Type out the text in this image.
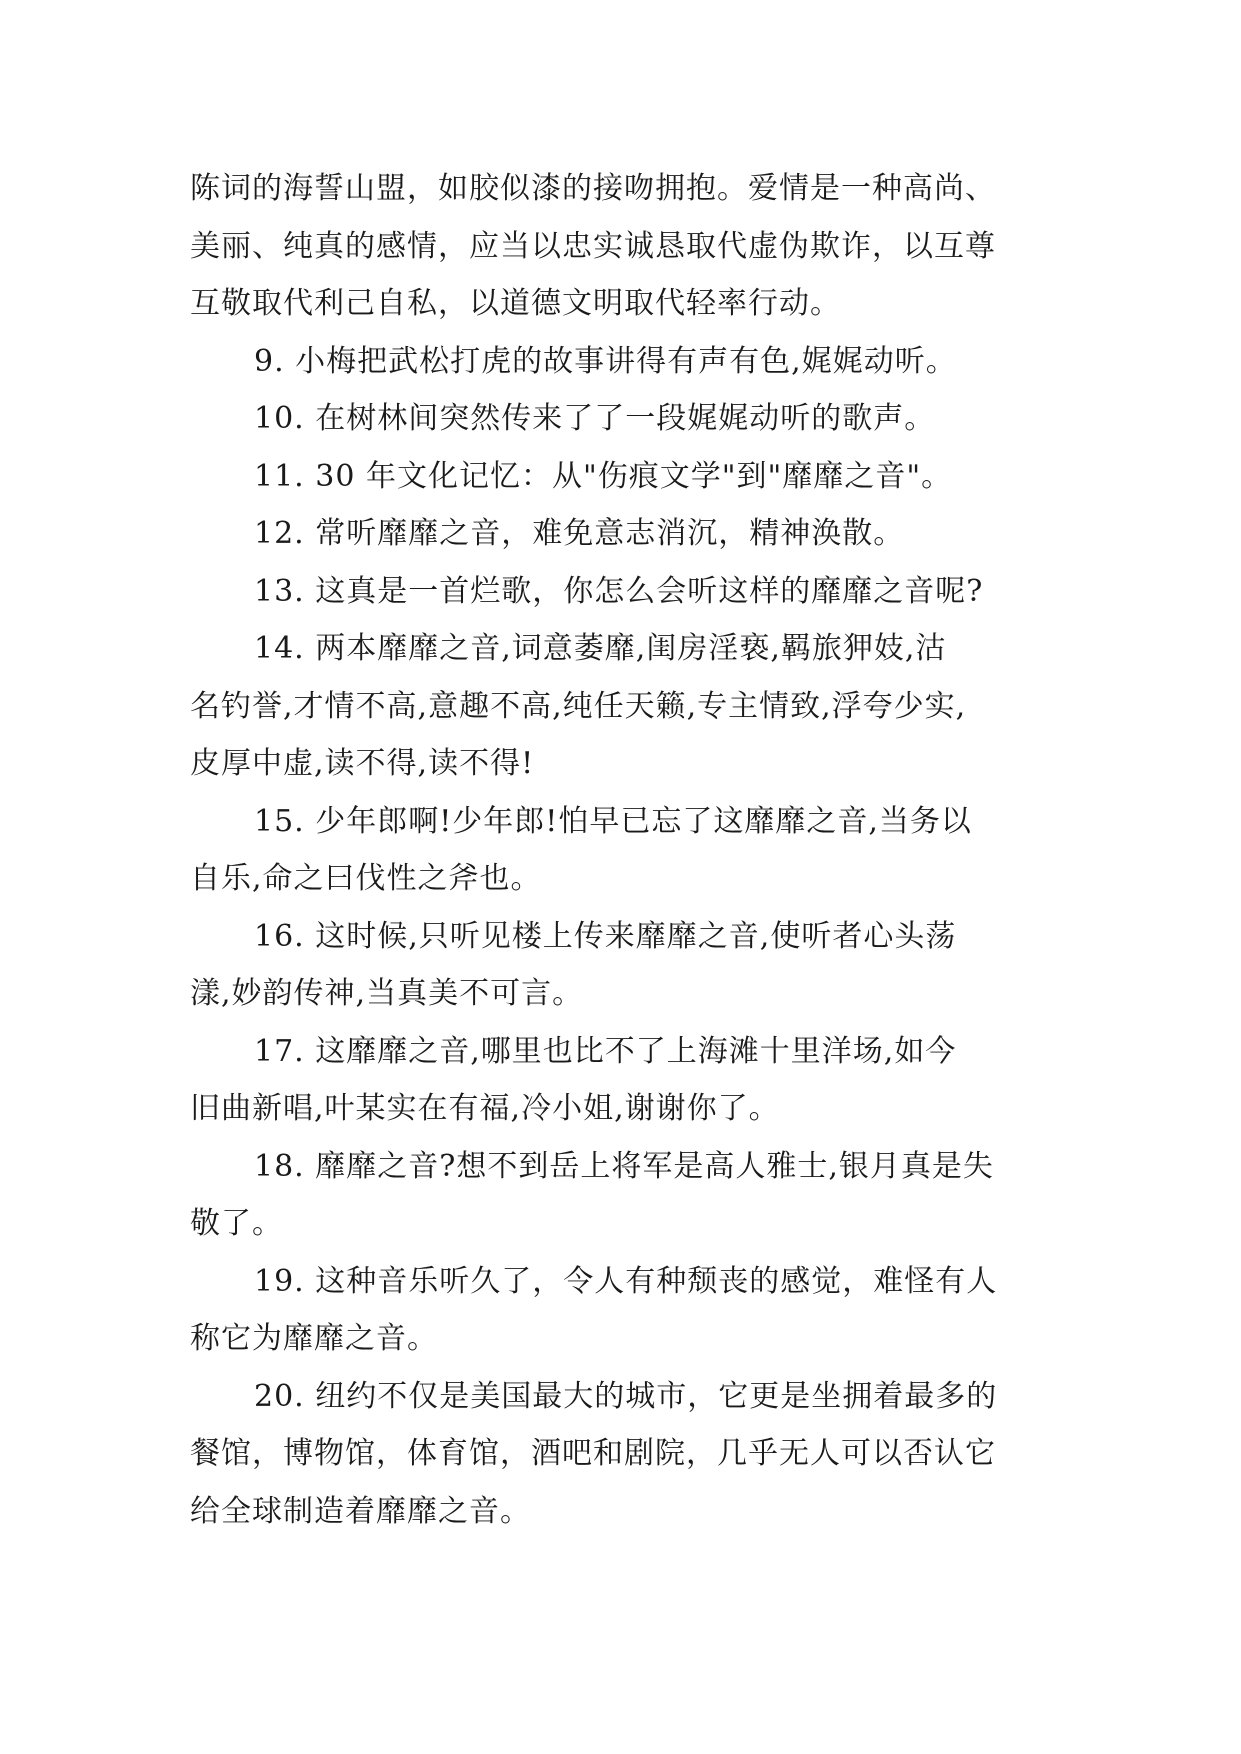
陈词的海誓山盟，如胶似漆的接吻拥抱。爱情是一种高尚、
美丽、纯真的感情，应当以忠实诚恳取代虚伪欺诈，以互尊
互敬取代利己自私，以道德文明取代轻率行动。

9. 小梅把武松打虎的故事讲得有声有色,娓娓动听。

10. 在树林间突然传来了了一段娓娓动听的歌声。

11. 30 年文化记忆：从"伤痕文学"到"靡靡之音"。

12. 常听靡靡之音，难免意志消沉，精神涣散。

13. 这真是一首烂歌，你怎么会听这样的靡靡之音呢?

14. 两本靡靡之音,词意萎靡,闺房淫亵,羁旅狎妓,沽
名钓誉,才情不高,意趣不高,纯任天籁,专主情致,浮夸少实,
皮厚中虚,读不得,读不得!

15. 少年郎啊!少年郎!怕早已忘了这靡靡之音,当务以
自乐,命之曰伐性之斧也。

16. 这时候,只听见楼上传来靡靡之音,使听者心头荡
漾,妙韵传神,当真美不可言。

17. 这靡靡之音,哪里也比不了上海滩十里洋场,如今
旧曲新唱,叶某实在有福,冷小姐,谢谢你了。

18. 靡靡之音?想不到岳上将军是高人雅士,银月真是失
敬了。

19. 这种音乐听久了，令人有种颓丧的感觉，难怪有人
称它为靡靡之音。

20. 纽约不仅是美国最大的城市，它更是坐拥着最多的
餐馆，博物馆，体育馆，酒吧和剧院，几乎无人可以否认它
给全球制造着靡靡之音。
